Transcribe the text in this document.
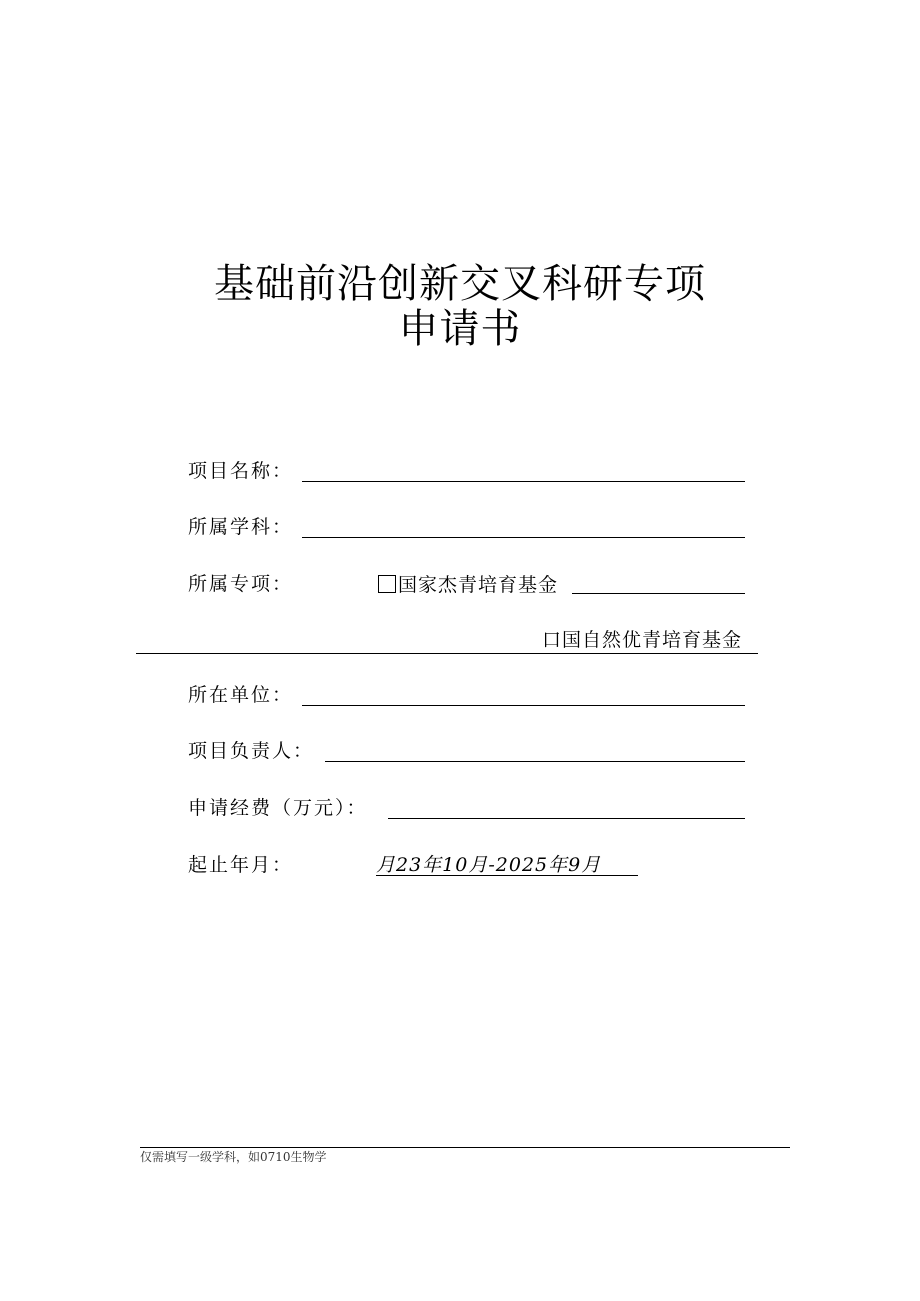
基础前沿创新交叉科研专项
申请书
项目名称：
所属学科：
所属专项：	国家杰青培育基金
口国自然优青培育基金
所在单位：
项目负责人：
申请经费（万元）：
起止年月：	月23年10月-2025年9月
仅需填写一级学科，如0710生物学
